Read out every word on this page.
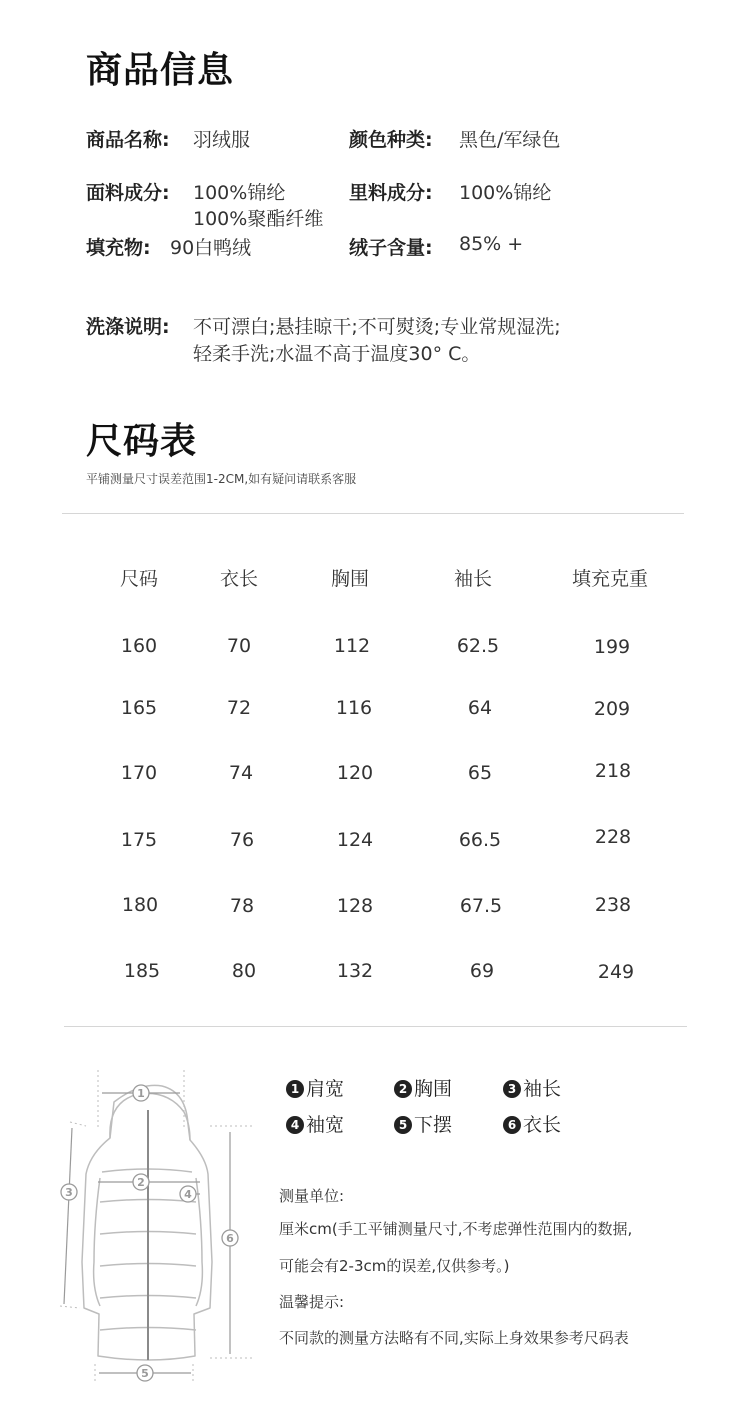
商品信息
商品名称: 羽绒服	颜色种类: 黑色/军绿色
面料成分: 100%锦纶
100%聚酯纤维
里料成分: 100%锦纶
填充物: 90白鸭绒	绒子含量: 85% +
洗涤说明: 不可漂白;悬挂晾干;不可熨烫;专业常规湿洗;
轻柔手洗;水温不高于温度30° C。
尺码表
平铺测量尺寸误差范围1-2CM,如有疑问请联系客服
尺码	衣长	胸围	袖长	填充克重
160	70	112	62.5	199
165	72	116	64	209
170	74	120	65	218
175	76	124	66.5	228
180	78	128	67.5	238
185	80	132	69	249
1
2
3	4
5
6
1 肩宽	2 胸围	3 袖长
4 袖宽	5 下摆	6 衣长
测量单位:
厘米cm(手工平铺测量尺寸,不考虑弹性范围内的数据,
可能会有2-3cm的误差,仅供参考。)
温馨提示:
不同款的测量方法略有不同,实际上身效果参考尺码表
